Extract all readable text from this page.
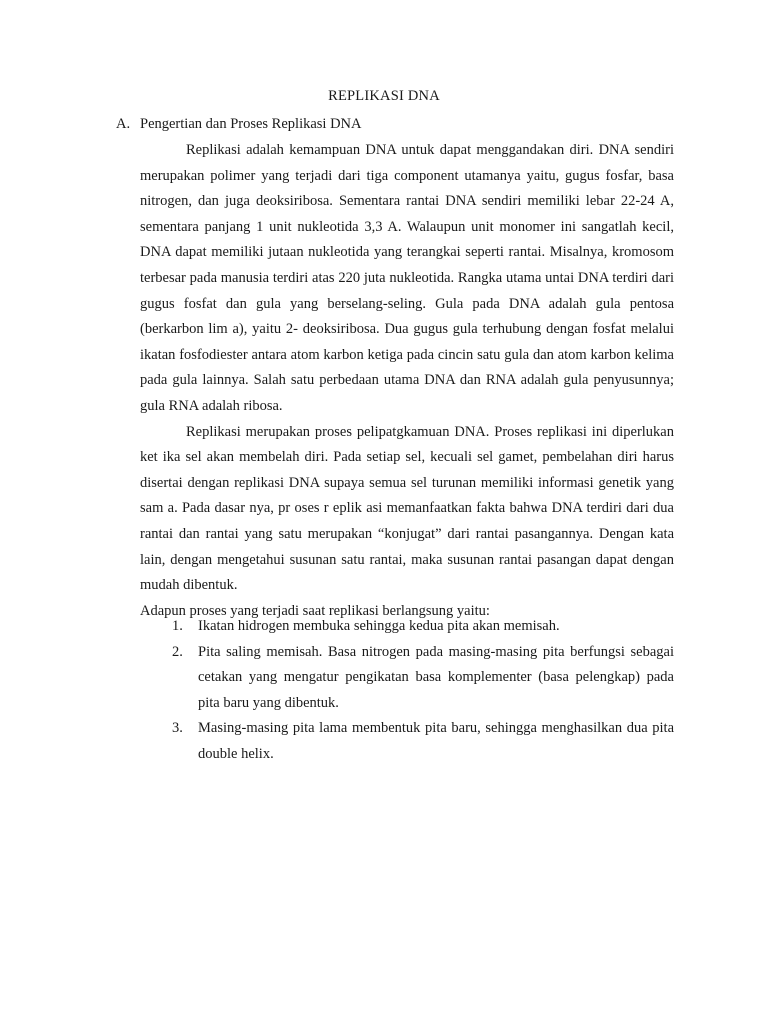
REPLIKASI DNA
A. Pengertian dan Proses Replikasi DNA

Replikasi adalah kemampuan DNA untuk dapat menggandakan diri. DNA sendiri merupakan polimer yang terjadi dari tiga component utamanya yaitu, gugus fosfar, basa nitrogen, dan juga deoksiribosa. Sementara rantai DNA sendiri memiliki lebar 22-24 A, sementara panjang 1 unit nukleotida 3,3 A. Walaupun unit monomer ini sangatlah kecil, DNA dapat memiliki jutaan nukleotida yang terangkai seperti rantai. Misalnya, kromosom terbesar pada manusia terdiri atas 220 juta nukleotida. Rangka utama untai DNA terdiri dari gugus fosfat dan gula yang berselang-seling. Gula pada DNA adalah gula pentosa (berkarbon lim a), yaitu 2- deoksiribosa. Dua gugus gula terhubung dengan fosfat melalui ikatan fosfodiester antara atom karbon ketiga pada cincin satu gula dan atom karbon kelima pada gula lainnya. Salah satu perbedaan utama DNA dan RNA adalah gula penyusunnya; gula RNA adalah ribosa.

Replikasi merupakan proses pelipatgkamuan DNA. Proses replikasi ini diperlukan ket ika sel akan membelah diri. Pada setiap sel, kecuali sel gamet, pembelahan diri harus disertai dengan replikasi DNA supaya semua sel turunan memiliki informasi genetik yang sam a. Pada dasar nya, pr oses r eplik asi memanfaatkan fakta bahwa DNA terdiri dari dua rantai dan rantai yang satu merupakan “konjugat” dari rantai pasangannya. Dengan kata lain, dengan mengetahui susunan satu rantai, maka susunan rantai pasangan dapat dengan mudah dibentuk.

Adapun proses yang terjadi saat replikasi berlangsung yaitu:

1.	Ikatan hidrogen membuka sehingga kedua pita akan memisah.
2.	Pita saling memisah. Basa nitrogen pada masing-masing pita berfungsi sebagai cetakan yang mengatur pengikatan basa komplementer (basa pelengkap) pada pita baru yang dibentuk.
3.	Masing-masing pita lama membentuk pita baru, sehingga menghasilkan dua pita double helix.
